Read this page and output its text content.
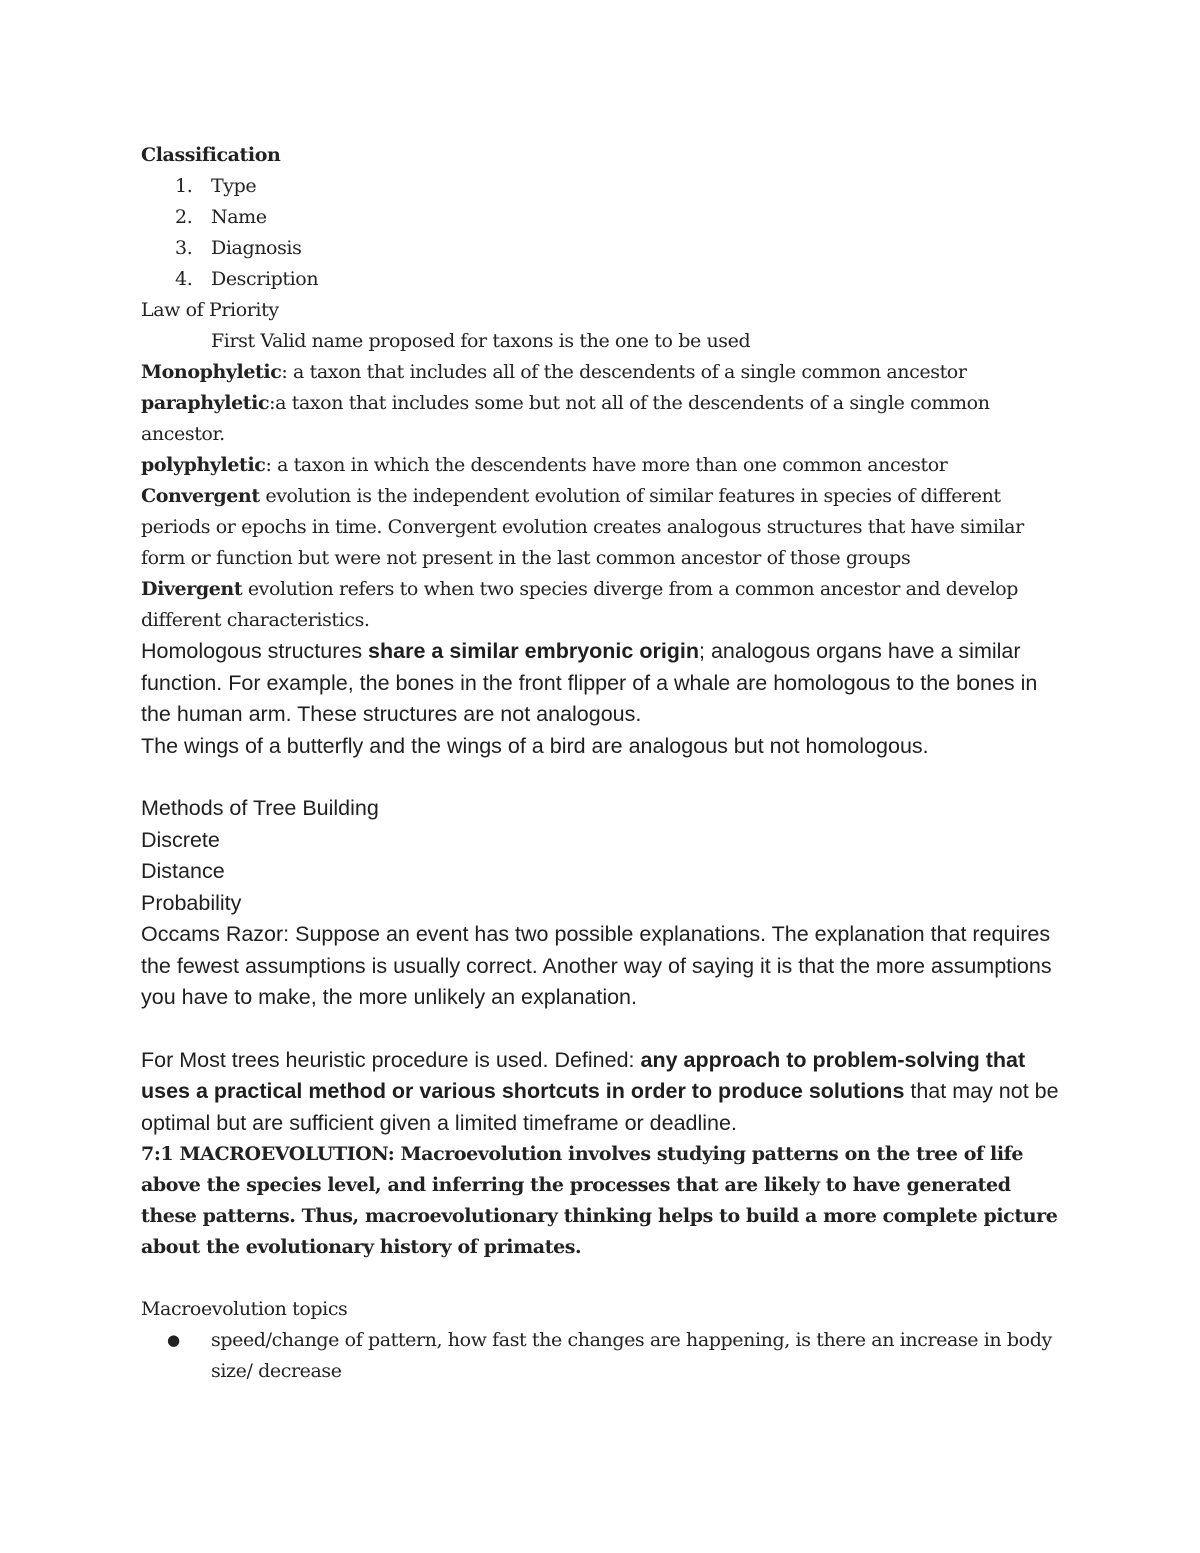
Classification

1. Type
2. Name
3. Diagnosis
4. Description

Law of Priority

First Valid name proposed for taxons is the one to be used

Monophyletic: a taxon that includes all of the descendents of a single common ancestor

paraphyletic:a taxon that includes some but not all of the descendents of a single common ancestor.

polyphyletic: a taxon in which the descendents have more than one common ancestor

Convergent evolution is the independent evolution of similar features in species of different periods or epochs in time. Convergent evolution creates analogous structures that have similar form or function but were not present in the last common ancestor of those groups

Divergent evolution refers to when two species diverge from a common ancestor and develop different characteristics.

Homologous structures share a similar embryonic origin; analogous organs have a similar function. For example, the bones in the front flipper of a whale are homologous to the bones in the human arm. These structures are not analogous.

The wings of a butterfly and the wings of a bird are analogous but not homologous.

Methods of Tree Building

Discrete

Distance

Probability

Occams Razor: Suppose an event has two possible explanations. The explanation that requires the fewest assumptions is usually correct. Another way of saying it is that the more assumptions you have to make, the more unlikely an explanation.

For Most trees heuristic procedure is used. Defined: any approach to problem-solving that uses a practical method or various shortcuts in order to produce solutions that may not be optimal but are sufficient given a limited timeframe or deadline.

7:1 MACROEVOLUTION: Macroevolution involves studying patterns on the tree of life above the species level, and inferring the processes that are likely to have generated these patterns. Thus, macroevolutionary thinking helps to build a more complete picture about the evolutionary history of primates.

Macroevolution topics

● speed/change of pattern, how fast the changes are happening, is there an increase in body size/ decrease
